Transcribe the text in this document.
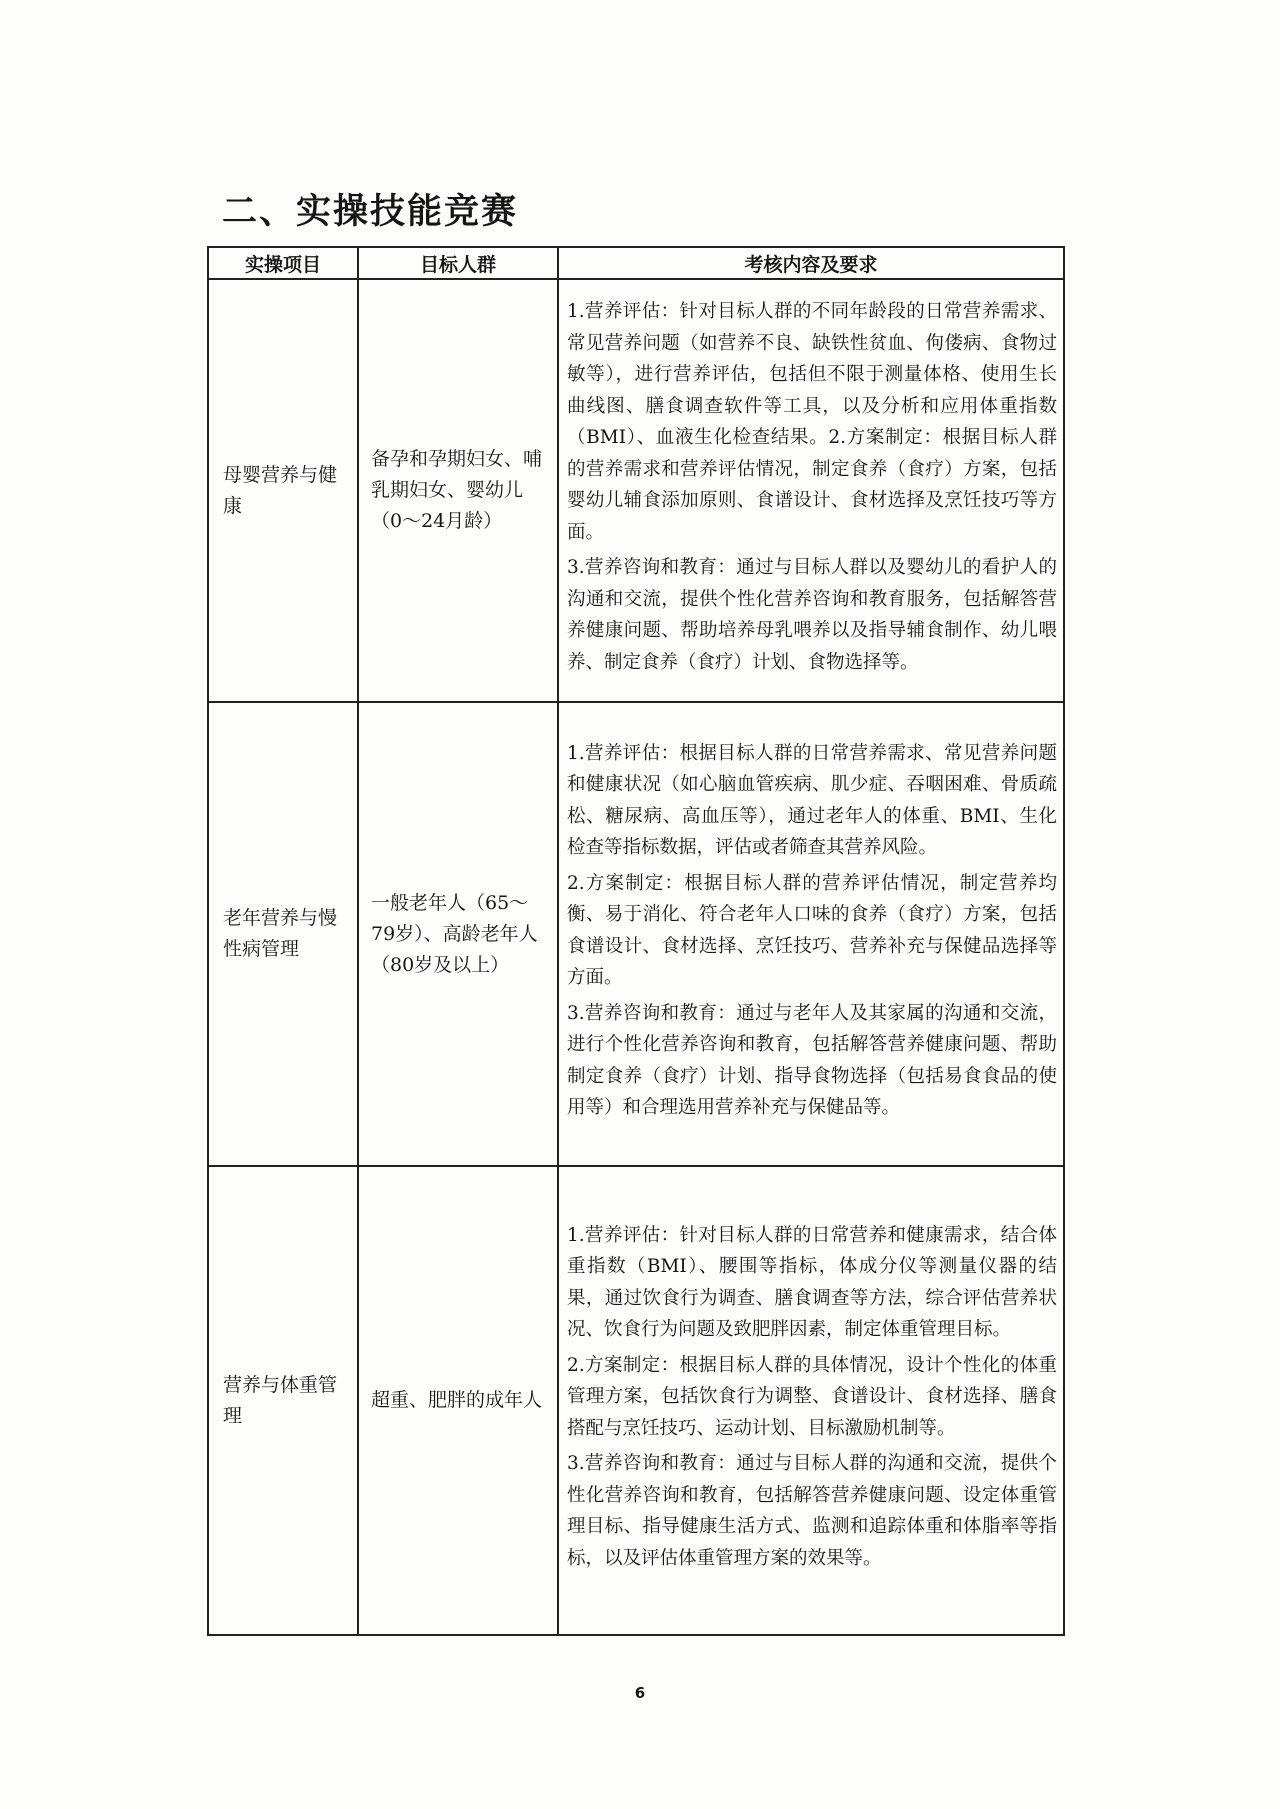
二、实操技能竞赛
实操项目	目标人群	考核内容及要求
母婴营养与健康	备孕和孕期妇女、哺乳期妇女、婴幼儿（0～24月龄）	1.营养评估：针对目标人群的不同年龄段的日常营养需求、常见营养问题（如营养不良、缺铁性贫血、佝偻病、食物过敏等），进行营养评估，包括但不限于测量体格、使用生长曲线图、膳食调查软件等工具，以及分析和应用体重指数（BMI）、血液生化检查结果。2.方案制定：根据目标人群的营养需求和营养评估情况，制定食养（食疗）方案，包括婴幼儿辅食添加原则、食谱设计、食材选择及烹饪技巧等方面。

3.营养咨询和教育：通过与目标人群以及婴幼儿的看护人的沟通和交流，提供个性化营养咨询和教育服务，包括解答营养健康问题、帮助培养母乳喂养以及指导辅食制作、幼儿喂养、制定食养（食疗）计划、食物选择等。

老年营养与慢性病管理	一般老年人（65～79岁）、高龄老年人（80岁及以上）	1.营养评估：根据目标人群的日常营养需求、常见营养问题和健康状况（如心脑血管疾病、肌少症、吞咽困难、骨质疏松、糖尿病、高血压等），通过老年人的体重、BMI、生化检查等指标数据，评估或者筛查其营养风险。

2.方案制定：根据目标人群的营养评估情况，制定营养均衡、易于消化、符合老年人口味的食养（食疗）方案，包括食谱设计、食材选择、烹饪技巧、营养补充与保健品选择等方面。

3.营养咨询和教育：通过与老年人及其家属的沟通和交流，进行个性化营养咨询和教育，包括解答营养健康问题、帮助制定食养（食疗）计划、指导食物选择（包括易食食品的使用等）和合理选用营养补充与保健品等。

营养与体重管理	超重、肥胖的成年人	1.营养评估：针对目标人群的日常营养和健康需求，结合体重指数（BMI）、腰围等指标，体成分仪等测量仪器的结果，通过饮食行为调查、膳食调查等方法，综合评估营养状况、饮食行为问题及致肥胖因素，制定体重管理目标。

2.方案制定：根据目标人群的具体情况，设计个性化的体重管理方案，包括饮食行为调整、食谱设计、食材选择、膳食搭配与烹饪技巧、运动计划、目标激励机制等。

3.营养咨询和教育：通过与目标人群的沟通和交流，提供个性化营养咨询和教育，包括解答营养健康问题、设定体重管理目标、指导健康生活方式、监测和追踪体重和体脂率等指标，以及评估体重管理方案的效果等。

6
